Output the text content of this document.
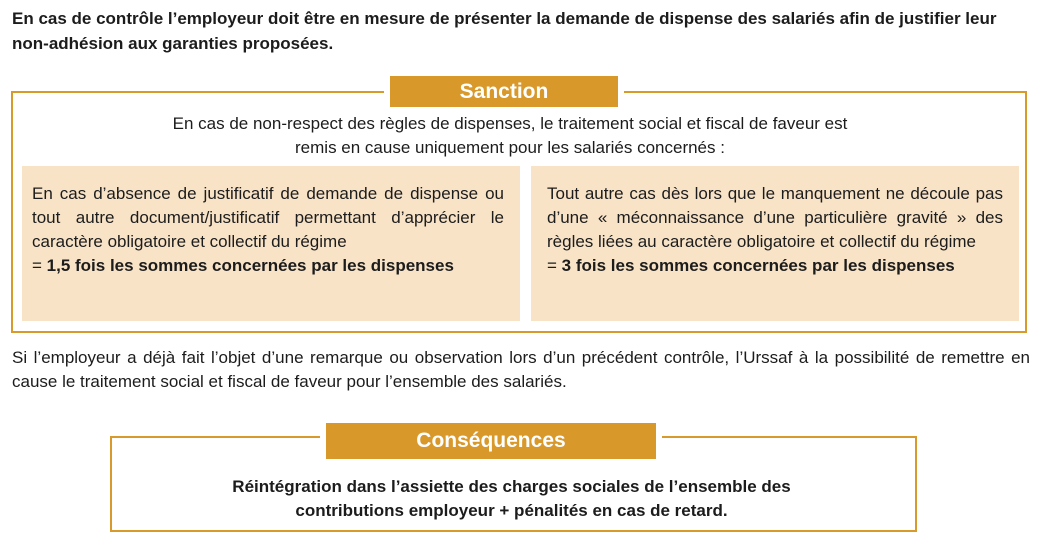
En cas de contrôle l’employeur doit être en mesure de présenter la demande de dispense des salariés afin de justifier leur non-adhésion aux garanties proposées.

Sanction

En cas de non-respect des règles de dispenses, le traitement social et fiscal de faveur est
remis en cause uniquement pour les salariés concernés :

En cas d’absence de justificatif de demande de dispense ou tout autre document/justificatif permettant d’apprécier le caractère obligatoire et collectif du régime

= 1,5 fois les sommes concernées par les dispenses

Tout autre cas dès lors que le manquement ne découle pas d’une « méconnaissance d’une particulière gravité » des règles liées au caractère obligatoire et collectif du régime

= 3 fois les sommes concernées par les dispenses

Si l’employeur a déjà fait l’objet d’une remarque ou observation lors d’un précédent contrôle, l’Urssaf à la possibilité de remettre en cause le traitement social et fiscal de faveur pour l’ensemble des salariés.

Conséquences

Réintégration dans l’assiette des charges sociales de l’ensemble des
contributions employeur + pénalités en cas de retard.
